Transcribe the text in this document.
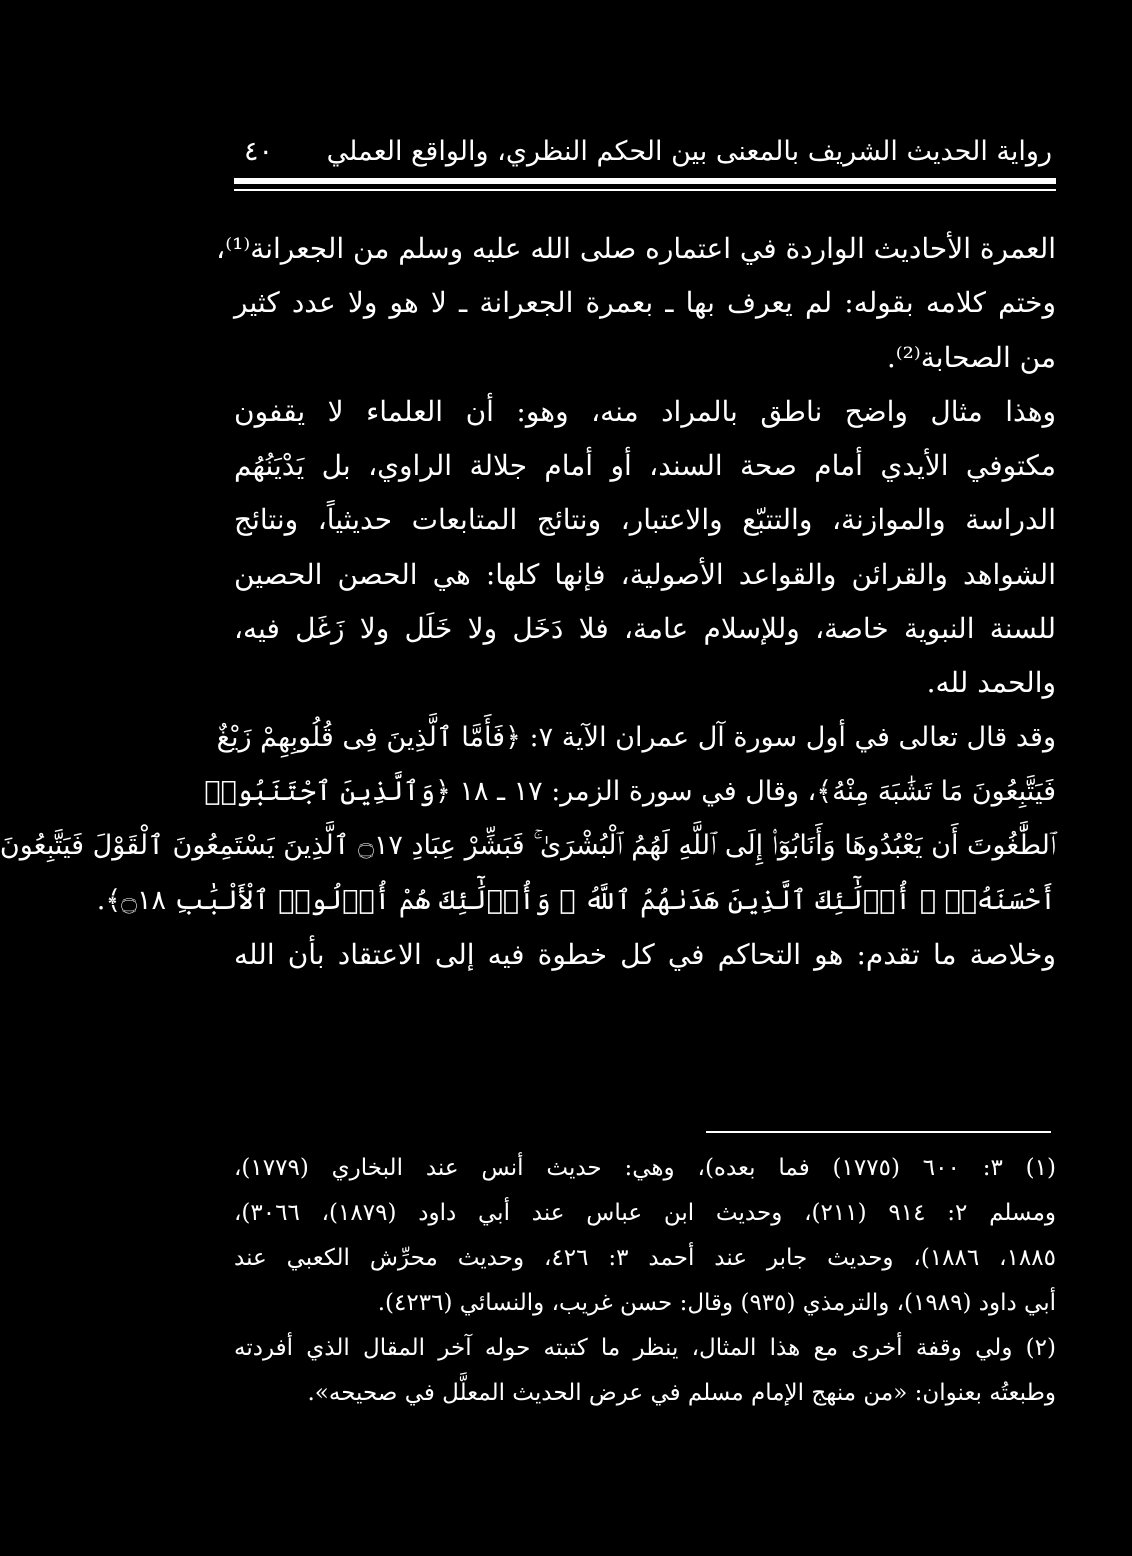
رواية الحديث الشريف بالمعنى بين الحكم النظري، والواقع العملي
٤٠
العمرة الأحاديث الواردة في اعتماره صلى الله عليه وسلم من الجعرانة⁽¹⁾،
وختم كلامه بقوله: لم يعرف بها ـ بعمرة الجعرانة ـ لا هو ولا عدد كثير
من الصحابة⁽²⁾.
وهذا مثال واضح ناطق بالمراد منه، وهو: أن العلماء لا يقفون
مكتوفي الأيدي أمام صحة السند، أو أمام جلالة الراوي، بل يَدْيَنُهُم
الدراسة والموازنة، والتتبّع والاعتبار، ونتائج المتابعات حديثياً، ونتائج
الشواهد والقرائن والقواعد الأصولية، فإنها كلها: هي الحصن الحصين
للسنة النبوية خاصة، وللإسلام عامة، فلا دَخَل ولا خَلَل ولا زَغَل فيه،
والحمد لله.
وقد قال تعالى في أول سورة آل عمران الآية ٧: ﴿فَأَمَّا ٱلَّذِينَ فِى قُلُوبِهِمْ زَيْغٌ
فَيَتَّبِعُونَ مَا تَشَٰبَهَ مِنْهُ﴾، وقال في سورة الزمر: ١٧ ـ ١٨ ﴿وَٱلَّذِينَ ٱجْتَنَبُوا۟
ٱلطَّٰغُوتَ أَن يَعْبُدُوهَا وَأَنَابُوٓا۟ إِلَى ٱللَّهِ لَهُمُ ٱلْبُشْرَىٰ ۚ فَبَشِّرْ عِبَادِ ۝١٧ ٱلَّذِينَ يَسْتَمِعُونَ ٱلْقَوْلَ فَيَتَّبِعُونَ
أَحْسَنَهُۥٓ ۚ أُو۟لَٰٓئِكَ ٱلَّذِينَ هَدَىٰهُمُ ٱللَّهُ ۖ وَأُو۟لَٰٓئِكَ هُمْ أُو۟لُوا۟ ٱلْأَلْبَٰبِ ۝١٨﴾.
وخلاصة ما تقدم: هو التحاكم في كل خطوة فيه إلى الاعتقاد بأن الله
(١) ٣: ٦٠٠ (١٧٧٥) فما بعده)، وهي: حديث أنس عند البخاري (١٧٧٩)،
ومسلم ٢: ٩١٤ (٢١١)، وحديث ابن عباس عند أبي داود (١٨٧٩)، ٣٠٦٦)،
١٨٨٥، ١٨٨٦)، وحديث جابر عند أحمد ٣: ٤٢٦، وحديث محرِّش الكعبي عند
أبي داود (١٩٨٩)، والترمذي (٩٣٥) وقال: حسن غريب، والنسائي (٤٢٣٦).
(٢) ولي وقفة أخرى مع هذا المثال، ينظر ما كتبته حوله آخر المقال الذي أفردته
وطبعتُه بعنوان: «من منهج الإمام مسلم في عرض الحديث المعلَّل في صحيحه».
